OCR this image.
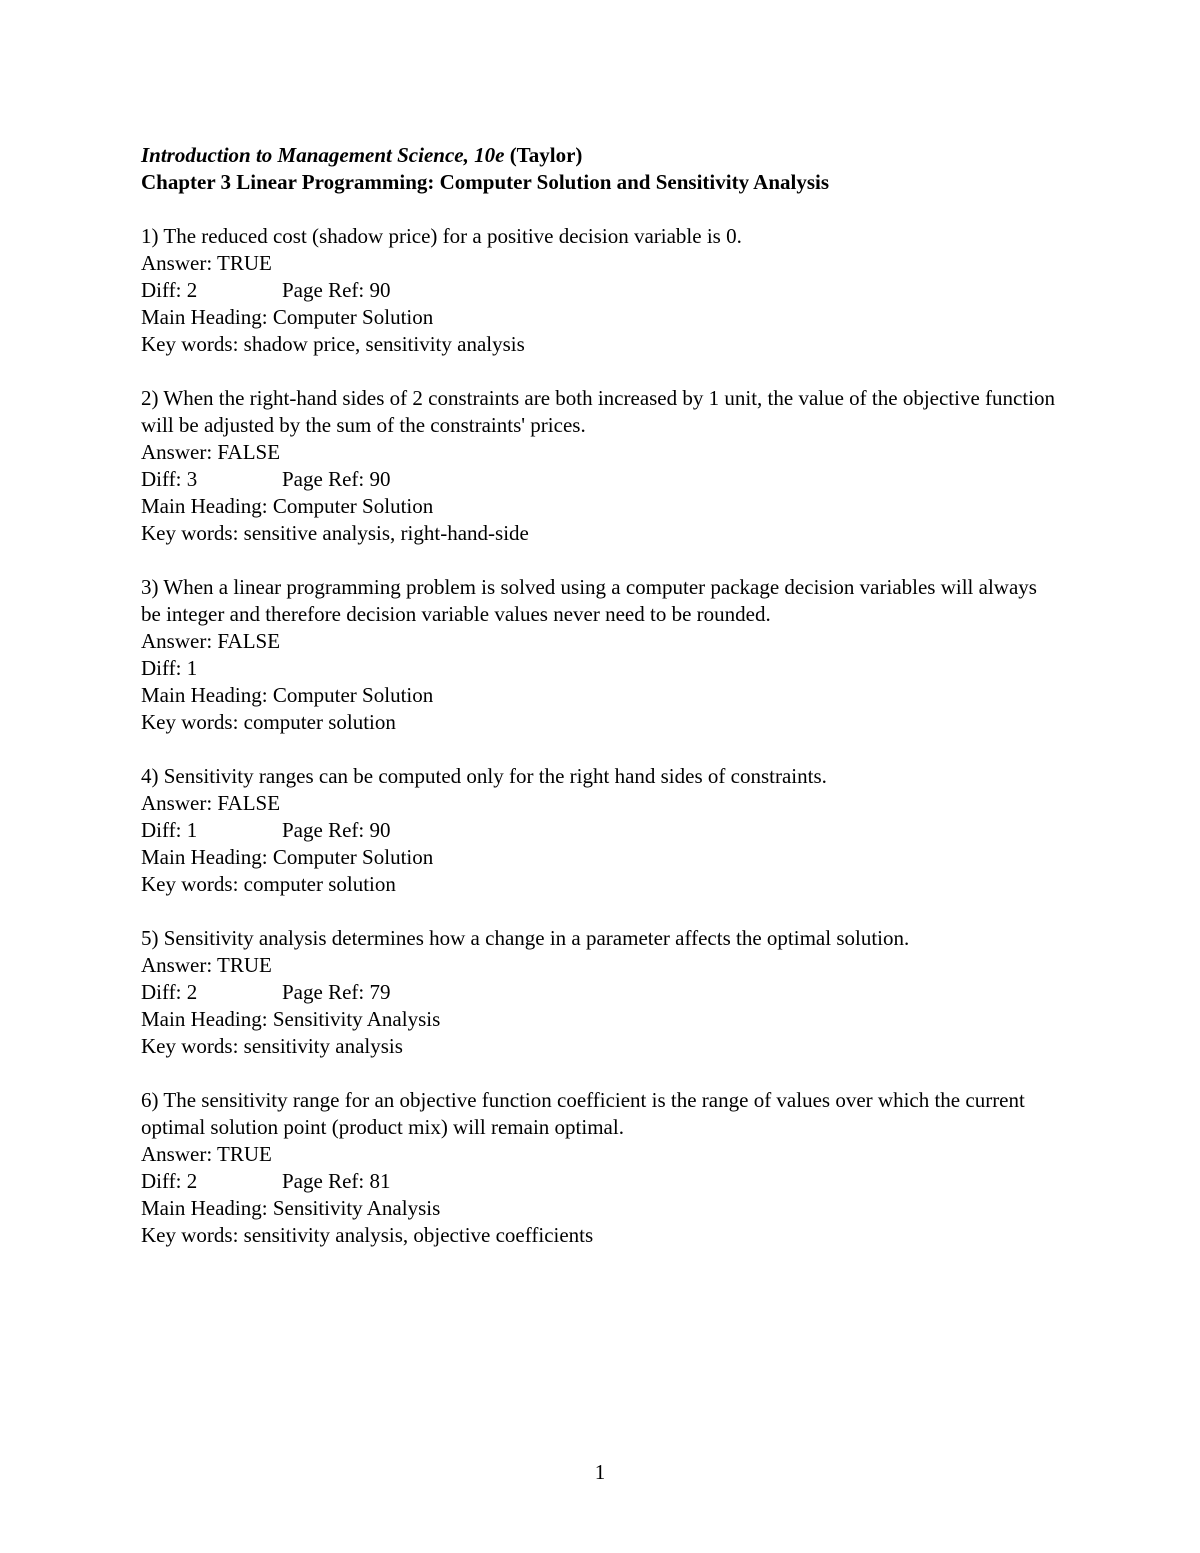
Introduction to Management Science, 10e (Taylor)
Chapter 3 Linear Programming: Computer Solution and Sensitivity Analysis
1) The reduced cost (shadow price) for a positive decision variable is 0.
Answer: TRUE
Diff: 2	Page Ref: 90
Main Heading: Computer Solution
Key words: shadow price, sensitivity analysis
2) When the right-hand sides of 2 constraints are both increased by 1 unit, the value of the objective function will be adjusted by the sum of the constraints' prices.
Answer: FALSE
Diff: 3	Page Ref: 90
Main Heading: Computer Solution
Key words: sensitive analysis, right-hand-side
3) When a linear programming problem is solved using a computer package decision variables will always be integer and therefore decision variable values never need to be rounded.
Answer: FALSE
Diff: 1
Main Heading: Computer Solution
Key words: computer solution
4) Sensitivity ranges can be computed only for the right hand sides of constraints.
Answer: FALSE
Diff: 1	Page Ref: 90
Main Heading: Computer Solution
Key words: computer solution
5) Sensitivity analysis determines how a change in a parameter affects the optimal solution.
Answer: TRUE
Diff: 2	Page Ref: 79
Main Heading: Sensitivity Analysis
Key words: sensitivity analysis
6) The sensitivity range for an objective function coefficient is the range of values over which the current optimal solution point (product mix) will remain optimal.
Answer: TRUE
Diff: 2	Page Ref: 81
Main Heading: Sensitivity Analysis
Key words: sensitivity analysis, objective coefficients
1
